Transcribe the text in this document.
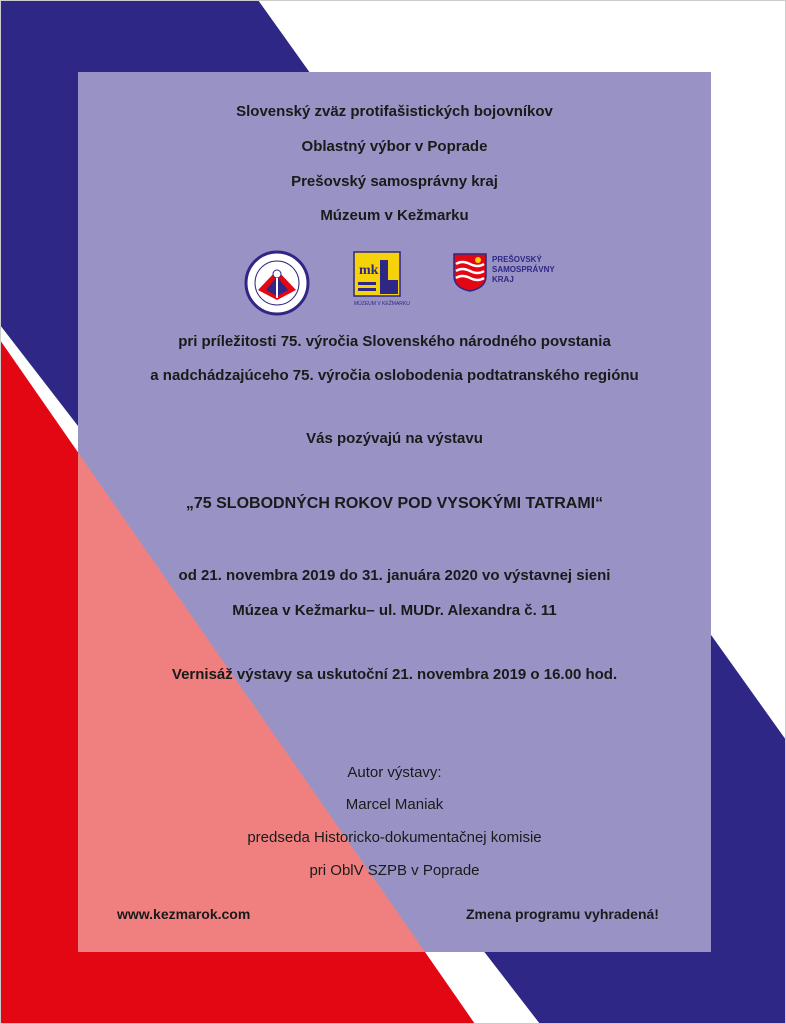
Slovenský zväz protifašistických bojovníkov
Oblastný výbor v Poprade
Prešovský samosprávny kraj
Múzeum v Kežmarku
mk
MÚZEUM V KEŽMARKU
PREŠOVSKÝ
SAMOSPRÁVNY
KRAJ
pri príležitosti 75. výročia Slovenského národného povstania
a nadchádzajúceho 75. výročia oslobodenia podtatranského regiónu
Vás pozývajú na výstavu
„75 SLOBODNÝCH ROKOV POD VYSOKÝMI TATRAMI“
od 21. novembra 2019 do 31. januára 2020 vo výstavnej sieni
Múzea v Kežmarku– ul. MUDr. Alexandra č. 11
Vernisáž výstavy sa uskutoční 21. novembra 2019 o 16.00 hod.
Autor výstavy:
Marcel Maniak
predseda Historicko-dokumentačnej komisie
pri OblV SZPB v Poprade
www.kezmarok.com	Zmena programu vyhradená!
